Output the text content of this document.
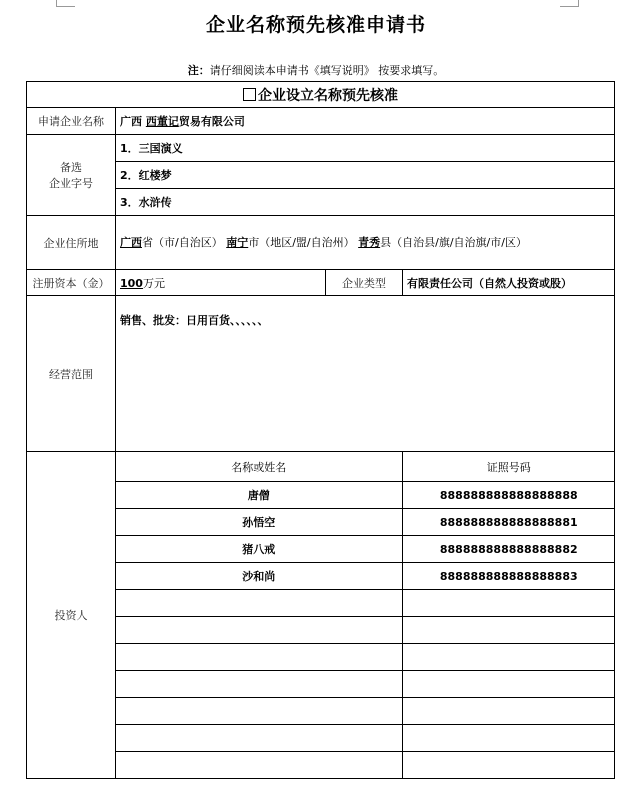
企业名称预先核准申请书
注：请仔细阅读本申请书《填写说明》 按要求填写。
企业设立名称预先核准
申请企业名称	广西 西董记贸易有限公司

备选
企业字号
	1．三国演义
2．红楼梦
3．水浒传
企业住所地	广西省（市/自治区） 南宁市（地区/盟/自治州） 青秀县（自治县/旗/自治旗/市/区）
注册资本（金）	100万元	企业类型	有限责任公司（自然人投资或股）
经营范围	销售、批发：日用百货、、、、、、
投资人	
名称或姓名	证照号码
唐僧	888888888888888888
孙悟空	888888888888888881
猪八戒	888888888888888882
沙和尚	888888888888888883
